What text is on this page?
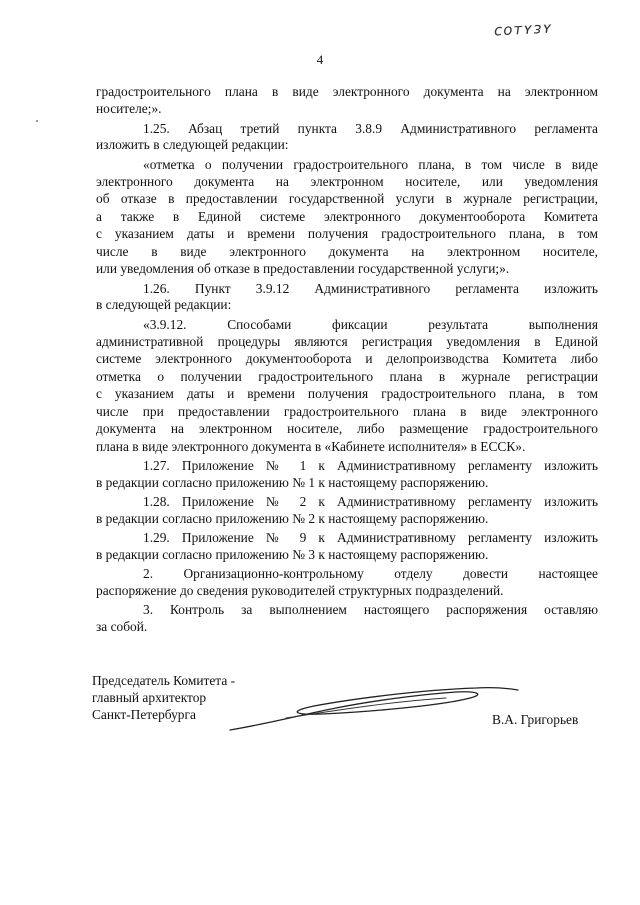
ϲᴏᴛʏᴈʏ
4
градостроительного плана в виде электронного документа на электронном
носителе;».
1.25. Абзац третий пункта 3.8.9 Административного регламента
изложить в следующей редакции:
«отметка о получении градостроительного плана, в том числе в виде
электронного документа на электронном носителе, или уведомления
об отказе в предоставлении государственной услуги в журнале регистрации,
а также в Единой системе электронного документооборота Комитета
с указанием даты и времени получения градостроительного плана, в том
числе в виде электронного документа на электронном носителе,
или уведомления об отказе в предоставлении государственной услуги;».
1.26. Пункт 3.9.12 Административного регламента изложить
в следующей редакции:
«3.9.12. Способами фиксации результата выполнения
административной процедуры являются регистрация уведомления в Единой
системе электронного документооборота и делопроизводства Комитета либо
отметка о получении градостроительного плана в журнале регистрации
с указанием даты и времени получения градостроительного плана, в том
числе при предоставлении градостроительного плана в виде электронного
документа на электронном носителе, либо размещение градостроительного
плана в виде электронного документа в «Кабинете исполнителя» в ЕССК».
1.27. Приложение № 1 к Административному регламенту изложить
в редакции согласно приложению № 1 к настоящему распоряжению.
1.28. Приложение № 2 к Административному регламенту изложить
в редакции согласно приложению № 2 к настоящему распоряжению.
1.29. Приложение № 9 к Административному регламенту изложить
в редакции согласно приложению № 3 к настоящему распоряжению.
2. Организационно-контрольному отделу довести настоящее
распоряжение до сведения руководителей структурных подразделений.
3. Контроль за выполнением настоящего распоряжения оставляю
за собой.
Председатель Комитета -
главный архитектор
Санкт-Петербурга	В.А. Григорьев
